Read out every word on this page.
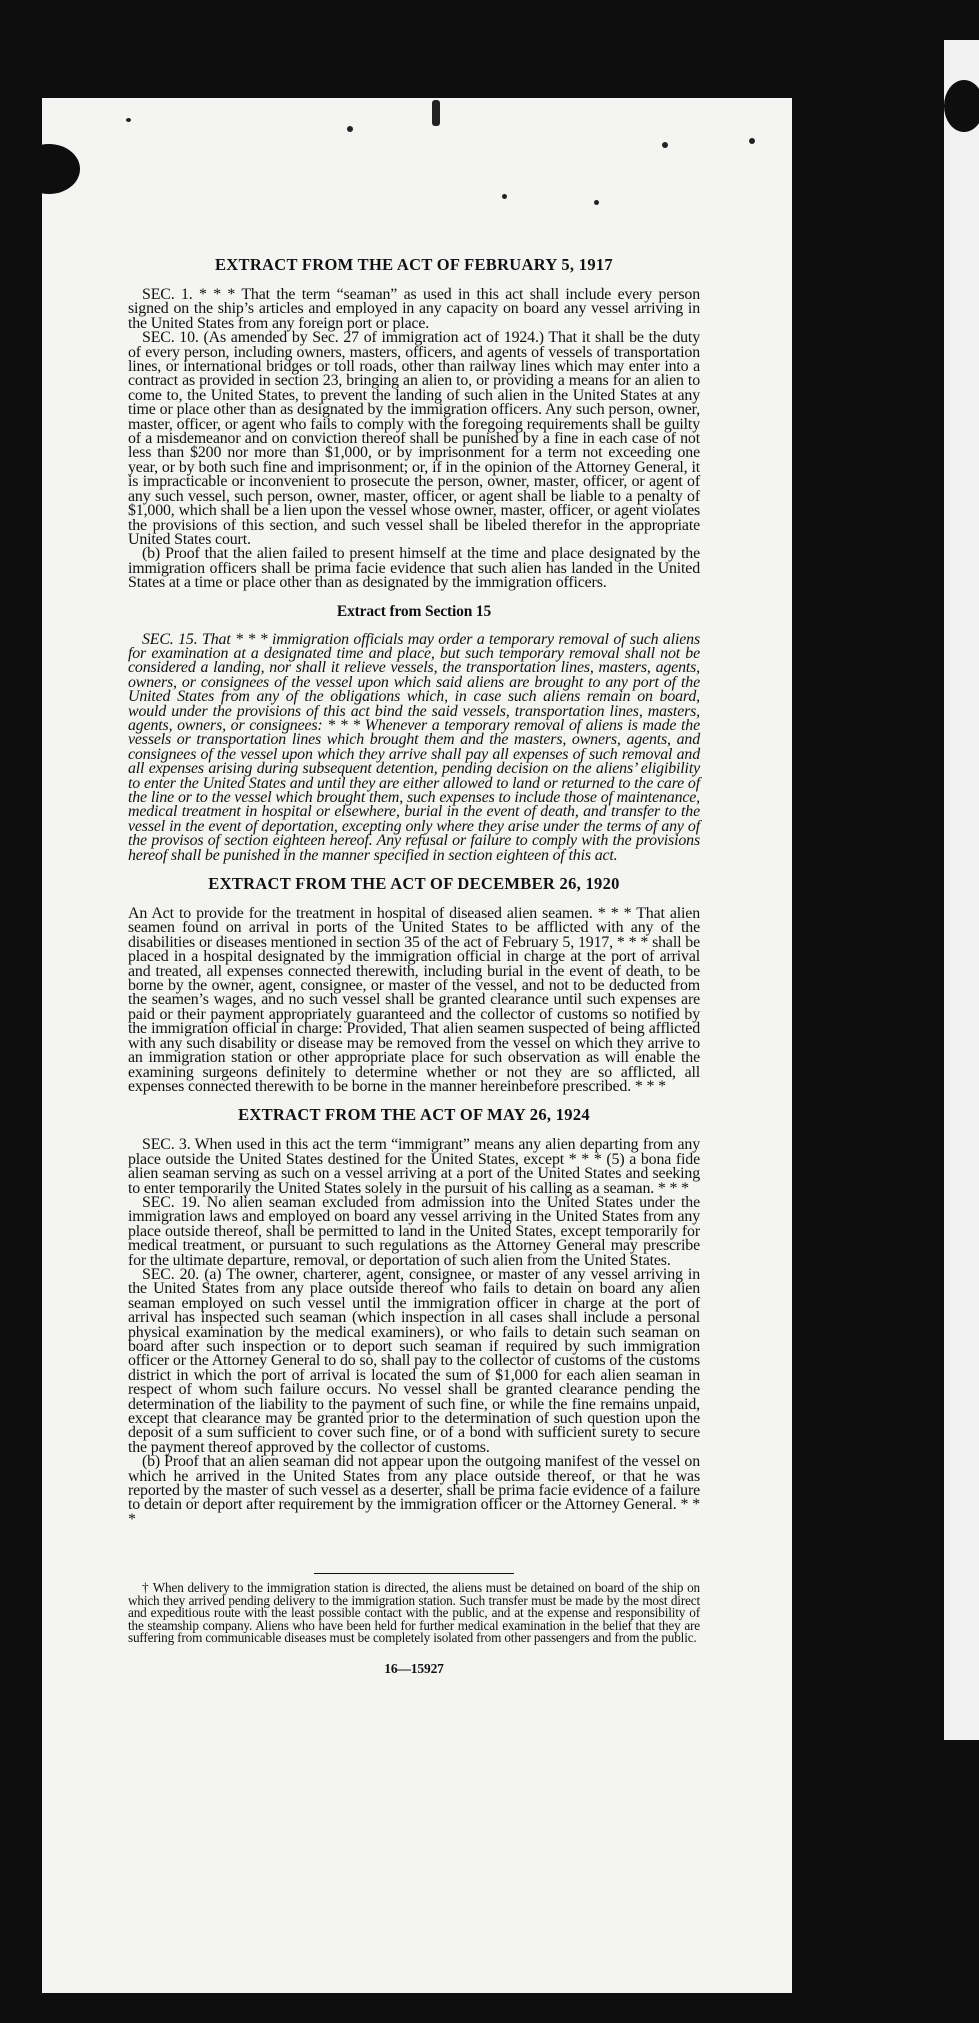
EXTRACT FROM THE ACT OF FEBRUARY 5, 1917

SEC. 1. * * * That the term “seaman” as used in this act shall include every person signed on the ship’s articles and employed in any capacity on board any vessel arriving in the United States from any foreign port or place.

SEC. 10. (As amended by Sec. 27 of immigration act of 1924.) That it shall be the duty of every person, including owners, masters, officers, and agents of vessels of transportation lines, or international bridges or toll roads, other than railway lines which may enter into a contract as provided in section 23, bringing an alien to, or providing a means for an alien to come to, the United States, to prevent the landing of such alien in the United States at any time or place other than as designated by the immigration officers. Any such person, owner, master, officer, or agent who fails to comply with the foregoing requirements shall be guilty of a misdemeanor and on conviction thereof shall be punished by a fine in each case of not less than $200 nor more than $1,000, or by imprisonment for a term not exceeding one year, or by both such fine and imprisonment; or, if in the opinion of the Attorney General, it is impracticable or inconvenient to prosecute the person, owner, master, officer, or agent of any such vessel, such person, owner, master, officer, or agent shall be liable to a penalty of $1,000, which shall be a lien upon the vessel whose owner, master, officer, or agent violates the provisions of this section, and such vessel shall be libeled therefor in the appropriate United States court.

(b) Proof that the alien failed to present himself at the time and place designated by the immigration officers shall be prima facie evidence that such alien has landed in the United States at a time or place other than as designated by the immigration officers.

Extract from Section 15

SEC. 15. That * * * immigration officials may order a temporary removal of such aliens for examination at a designated time and place, but such temporary removal shall not be considered a landing, nor shall it relieve vessels, the transportation lines, masters, agents, owners, or consignees of the vessel upon which said aliens are brought to any port of the United States from any of the obligations which, in case such aliens remain on board, would under the provisions of this act bind the said vessels, transportation lines, masters, agents, owners, or consignees: * * * Whenever a temporary removal of aliens is made the vessels or transportation lines which brought them and the masters, owners, agents, and consignees of the vessel upon which they arrive shall pay all expenses of such removal and all expenses arising during subsequent detention, pending decision on the aliens’ eligibility to enter the United States and until they are either allowed to land or returned to the care of the line or to the vessel which brought them, such expenses to include those of maintenance, medical treatment in hospital or elsewhere, burial in the event of death, and transfer to the vessel in the event of deportation, excepting only where they arise under the terms of any of the provisos of section eighteen hereof. Any refusal or failure to comply with the provisions hereof shall be punished in the manner specified in section eighteen of this act.

EXTRACT FROM THE ACT OF DECEMBER 26, 1920

An Act to provide for the treatment in hospital of diseased alien seamen. * * * That alien seamen found on arrival in ports of the United States to be afflicted with any of the disabilities or diseases mentioned in section 35 of the act of February 5, 1917, * * * shall be placed in a hospital designated by the immigration official in charge at the port of arrival and treated, all expenses connected therewith, including burial in the event of death, to be borne by the owner, agent, consignee, or master of the vessel, and not to be deducted from the seamen’s wages, and no such vessel shall be granted clearance until such expenses are paid or their payment appropriately guaranteed and the collector of customs so notified by the immigration official in charge: Provided, That alien seamen suspected of being afflicted with any such disability or disease may be removed from the vessel on which they arrive to an immigration station or other appropriate place for such observation as will enable the examining surgeons definitely to determine whether or not they are so afflicted, all expenses connected therewith to be borne in the manner hereinbefore prescribed. * * *

EXTRACT FROM THE ACT OF MAY 26, 1924

SEC. 3. When used in this act the term “immigrant” means any alien departing from any place outside the United States destined for the United States, except * * * (5) a bona fide alien seaman serving as such on a vessel arriving at a port of the United States and seeking to enter temporarily the United States solely in the pursuit of his calling as a seaman. * * *

SEC. 19. No alien seaman excluded from admission into the United States under the immigration laws and employed on board any vessel arriving in the United States from any place outside thereof, shall be permitted to land in the United States, except temporarily for medical treatment, or pursuant to such regulations as the Attorney General may prescribe for the ultimate departure, removal, or deportation of such alien from the United States.

SEC. 20. (a) The owner, charterer, agent, consignee, or master of any vessel arriving in the United States from any place outside thereof who fails to detain on board any alien seaman employed on such vessel until the immigration officer in charge at the port of arrival has inspected such seaman (which inspection in all cases shall include a personal physical examination by the medical examiners), or who fails to detain such seaman on board after such inspection or to deport such seaman if required by such immigration officer or the Attorney General to do so, shall pay to the collector of customs of the customs district in which the port of arrival is located the sum of $1,000 for each alien seaman in respect of whom such failure occurs. No vessel shall be granted clearance pending the determination of the liability to the payment of such fine, or while the fine remains unpaid, except that clearance may be granted prior to the determination of such question upon the deposit of a sum sufficient to cover such fine, or of a bond with sufficient surety to secure the payment thereof approved by the collector of customs.

(b) Proof that an alien seaman did not appear upon the outgoing manifest of the vessel on which he arrived in the United States from any place outside thereof, or that he was reported by the master of such vessel as a deserter, shall be prima facie evidence of a failure to detain or deport after requirement by the immigration officer or the Attorney General. * * *

† When delivery to the immigration station is directed, the aliens must be detained on board of the ship on which they arrived pending delivery to the immigration station. Such transfer must be made by the most direct and expeditious route with the least possible contact with the public, and at the expense and responsibility of the steamship company. Aliens who have been held for further medical examination in the belief that they are suffering from communicable diseases must be completely isolated from other passengers and from the public.

16—15927
